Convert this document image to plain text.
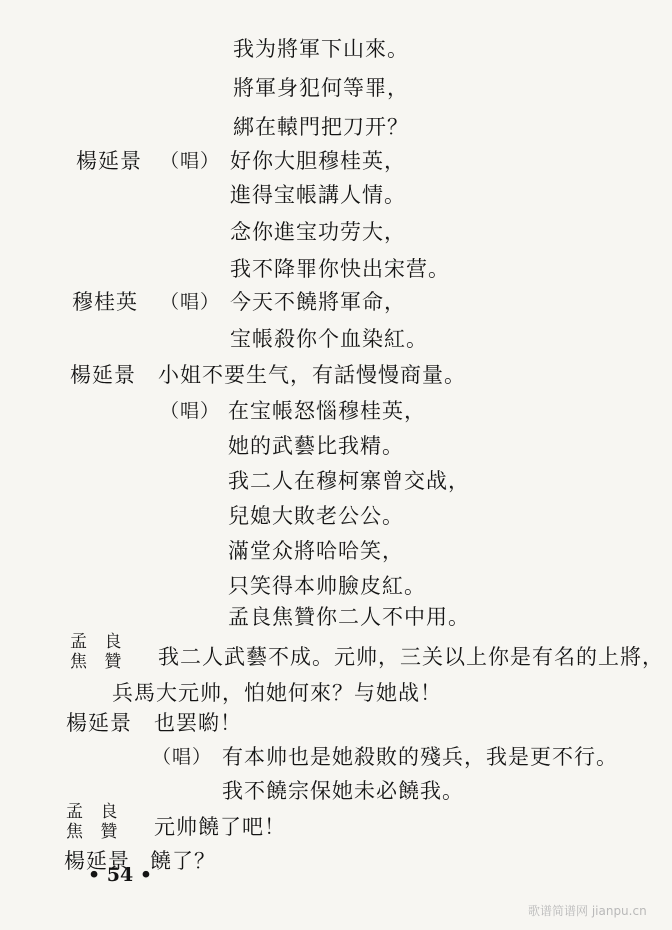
我为將軍下山來。
將軍身犯何等罪，
綁在轅門把刀开？
楊延景 （唱） 好你大胆穆桂英，
進得宝帳講人情。
念你進宝功劳大，
我不降罪你快出宋营。
穆桂英 （唱） 今天不饒將軍命，
宝帳殺你个血染紅。
楊延景 小姐不要生气，有話慢慢商量。
（唱） 在宝帳怒惱穆桂英，
她的武藝比我精。
我二人在穆柯寨曾交战，
兒媳大敗老公公。
滿堂众將哈哈笑，
只笑得本帅臉皮紅。
孟良焦贊你二人不中用。
孟 良
焦 贊 我二人武藝不成。元帅，三关以上你是有名的上將，
兵馬大元帅，怕她何來？与她战！
楊延景 也罢喲！
（唱） 有本帅也是她殺敗的殘兵，我是更不行。
我不饒宗保她未必饒我。
孟 良
焦 贊 元帅饒了吧！
楊延景 饒了？
• 54 •
歌谱简谱网 jianpu.cn
